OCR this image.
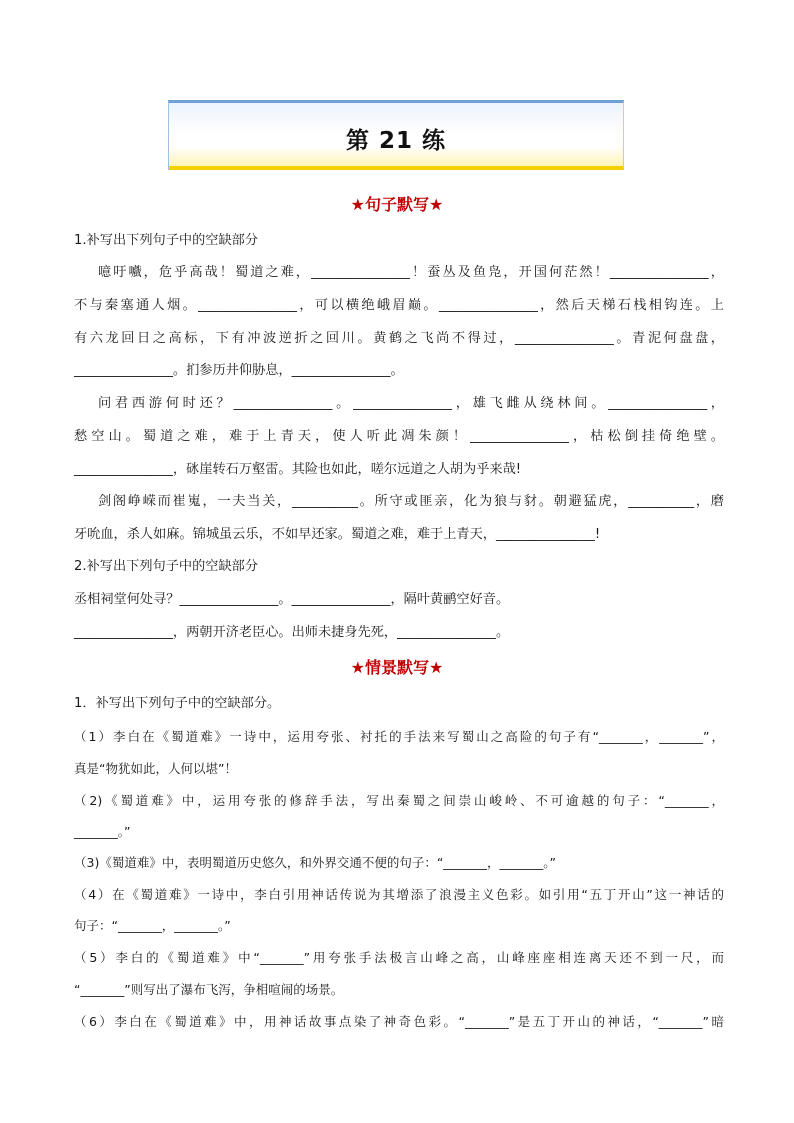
第 21 练
★句子默写★
1.补写出下列句子中的空缺部分
噫吁嚱，危乎高哉！蜀道之难，_______________！蚕丛及鱼凫，开国何茫然！_______________，
不与秦塞通人烟。_______________，可以横绝峨眉巅。_______________，然后天梯石栈相钩连。上
有六龙回日之高标，下有冲波逆折之回川。黄鹤之飞尚不得过，_______________。青泥何盘盘，
_______________。扪参历井仰胁息，_______________。
问君西游何时还？_______________。_______________，雄飞雌从绕林间。_______________，
愁空山。蜀道之难，难于上青天，使人听此凋朱颜！_______________，枯松倒挂倚绝壁。
_______________，砯崖转石万壑雷。其险也如此，嗟尔远道之人胡为乎来哉!
剑阁峥嵘而崔嵬，一夫当关，__________。所守或匪亲，化为狼与豺。朝避猛虎，__________，磨
牙吮血，杀人如麻。锦城虽云乐，不如早还家。蜀道之难，难于上青天，_______________!
2.补写出下列句子中的空缺部分
丞相祠堂何处寻？_______________。_______________，隔叶黄鹂空好音。
_______________，两朝开济老臣心。出师未捷身先死，_______________。
★情景默写★
1．补写出下列句子中的空缺部分。
（1）李白在《蜀道难》一诗中，运用夸张、衬托的手法来写蜀山之高险的句子有“_______，_______”，
真是“物犹如此，人何以堪”！
（2)《蜀道难》中，运用夸张的修辞手法，写出秦蜀之间崇山峻岭、不可逾越的句子：“_______，
_______。”
（3)《蜀道难》中，表明蜀道历史悠久，和外界交通不便的句子：“_______，_______。”
（4）在《蜀道难》一诗中，李白引用神话传说为其增添了浪漫主义色彩。如引用“五丁开山”这一神话的
句子：“_______，_______。”
（5）李白的《蜀道难》中“_______”用夸张手法极言山峰之高，山峰座座相连离天还不到一尺，而
“_______”则写出了瀑布飞泻，争相喧闹的场景。
（6）李白在《蜀道难》中，用神话故事点染了神奇色彩。“_______”是五丁开山的神话，“_______”暗
